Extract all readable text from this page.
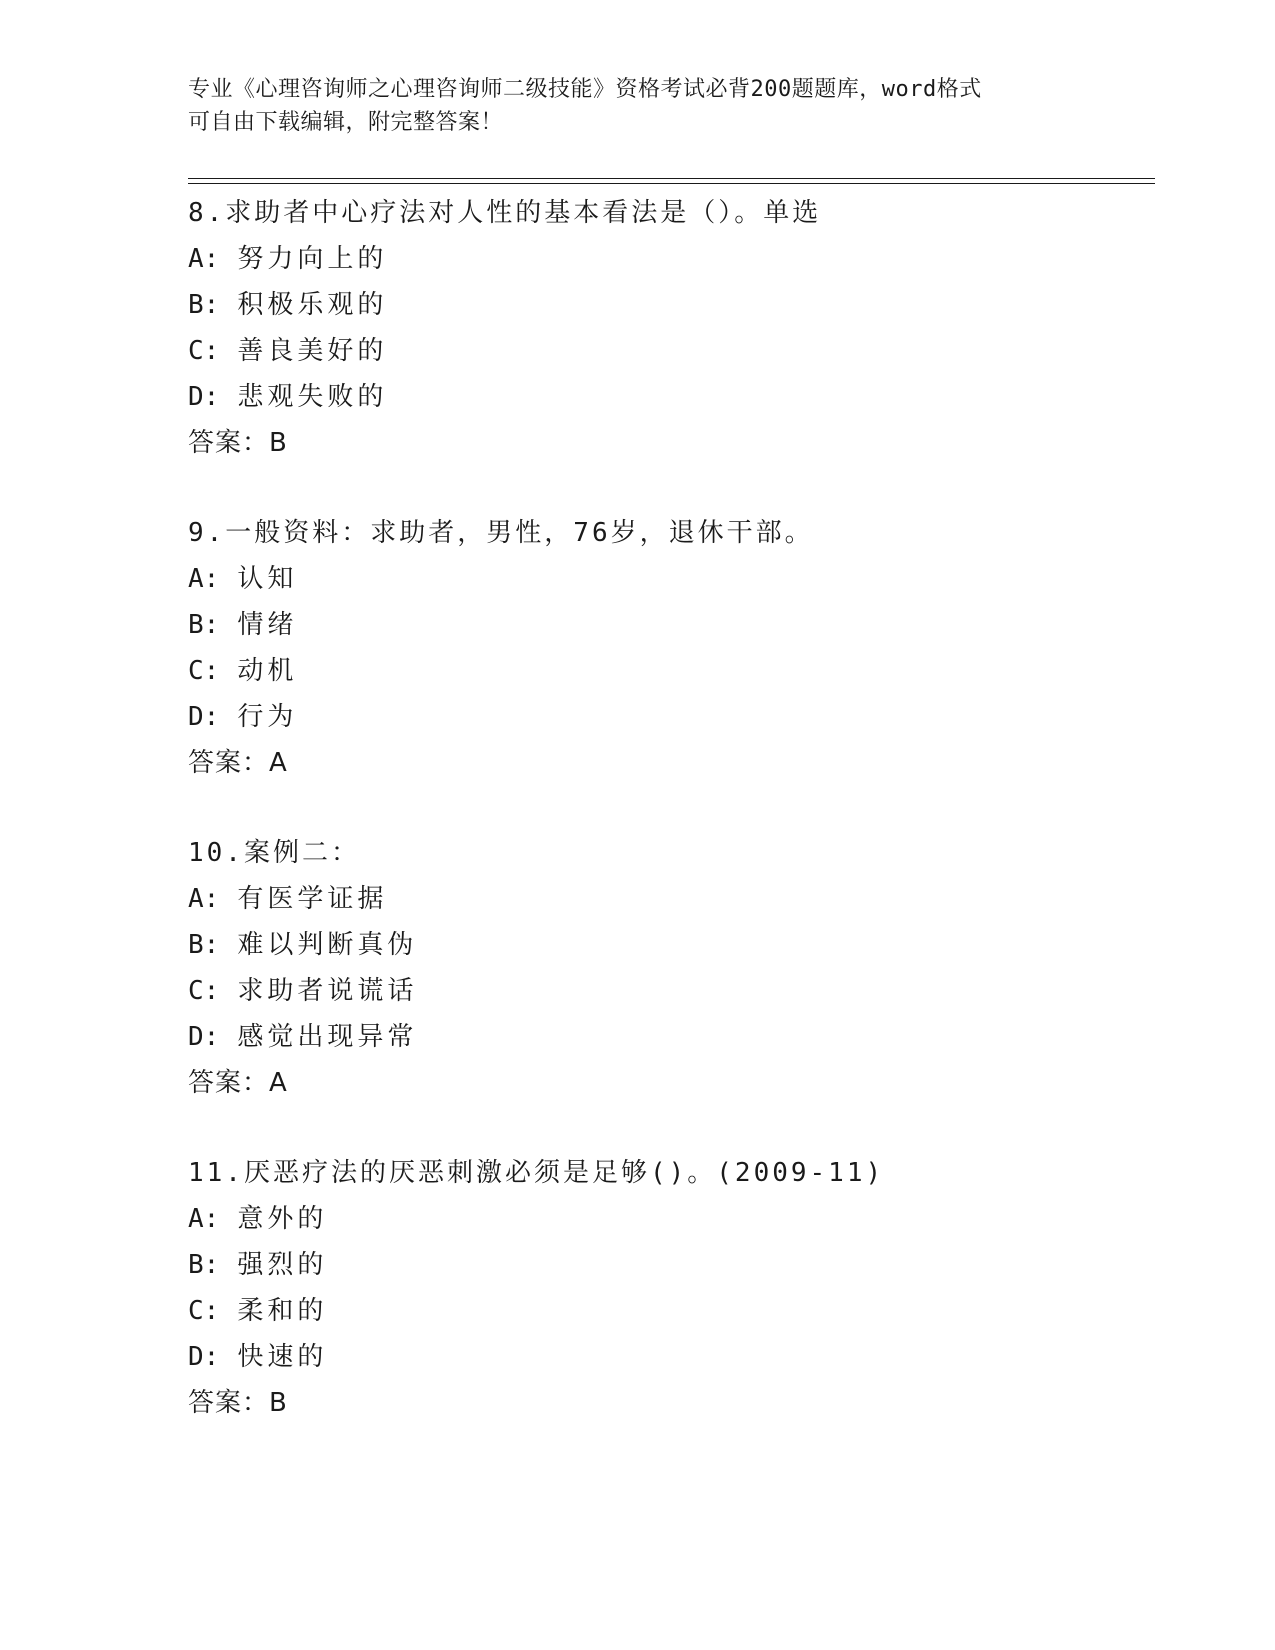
专业《心理咨询师之心理咨询师二级技能》资格考试必背200题题库，word格式
可自由下载编辑，附完整答案！
8.求助者中心疗法对人性的基本看法是（）。单选
A: 努力向上的
B: 积极乐观的
C: 善良美好的
D: 悲观失败的
答案：B
9.一般资料：求助者，男性，76岁，退休干部。
A: 认知
B: 情绪
C: 动机
D: 行为
答案：A
10.案例二：
A: 有医学证据
B: 难以判断真伪
C: 求助者说谎话
D: 感觉出现异常
答案：A
11.厌恶疗法的厌恶刺激必须是足够()。(2009-11)
A: 意外的
B: 强烈的
C: 柔和的
D: 快速的
答案：B
